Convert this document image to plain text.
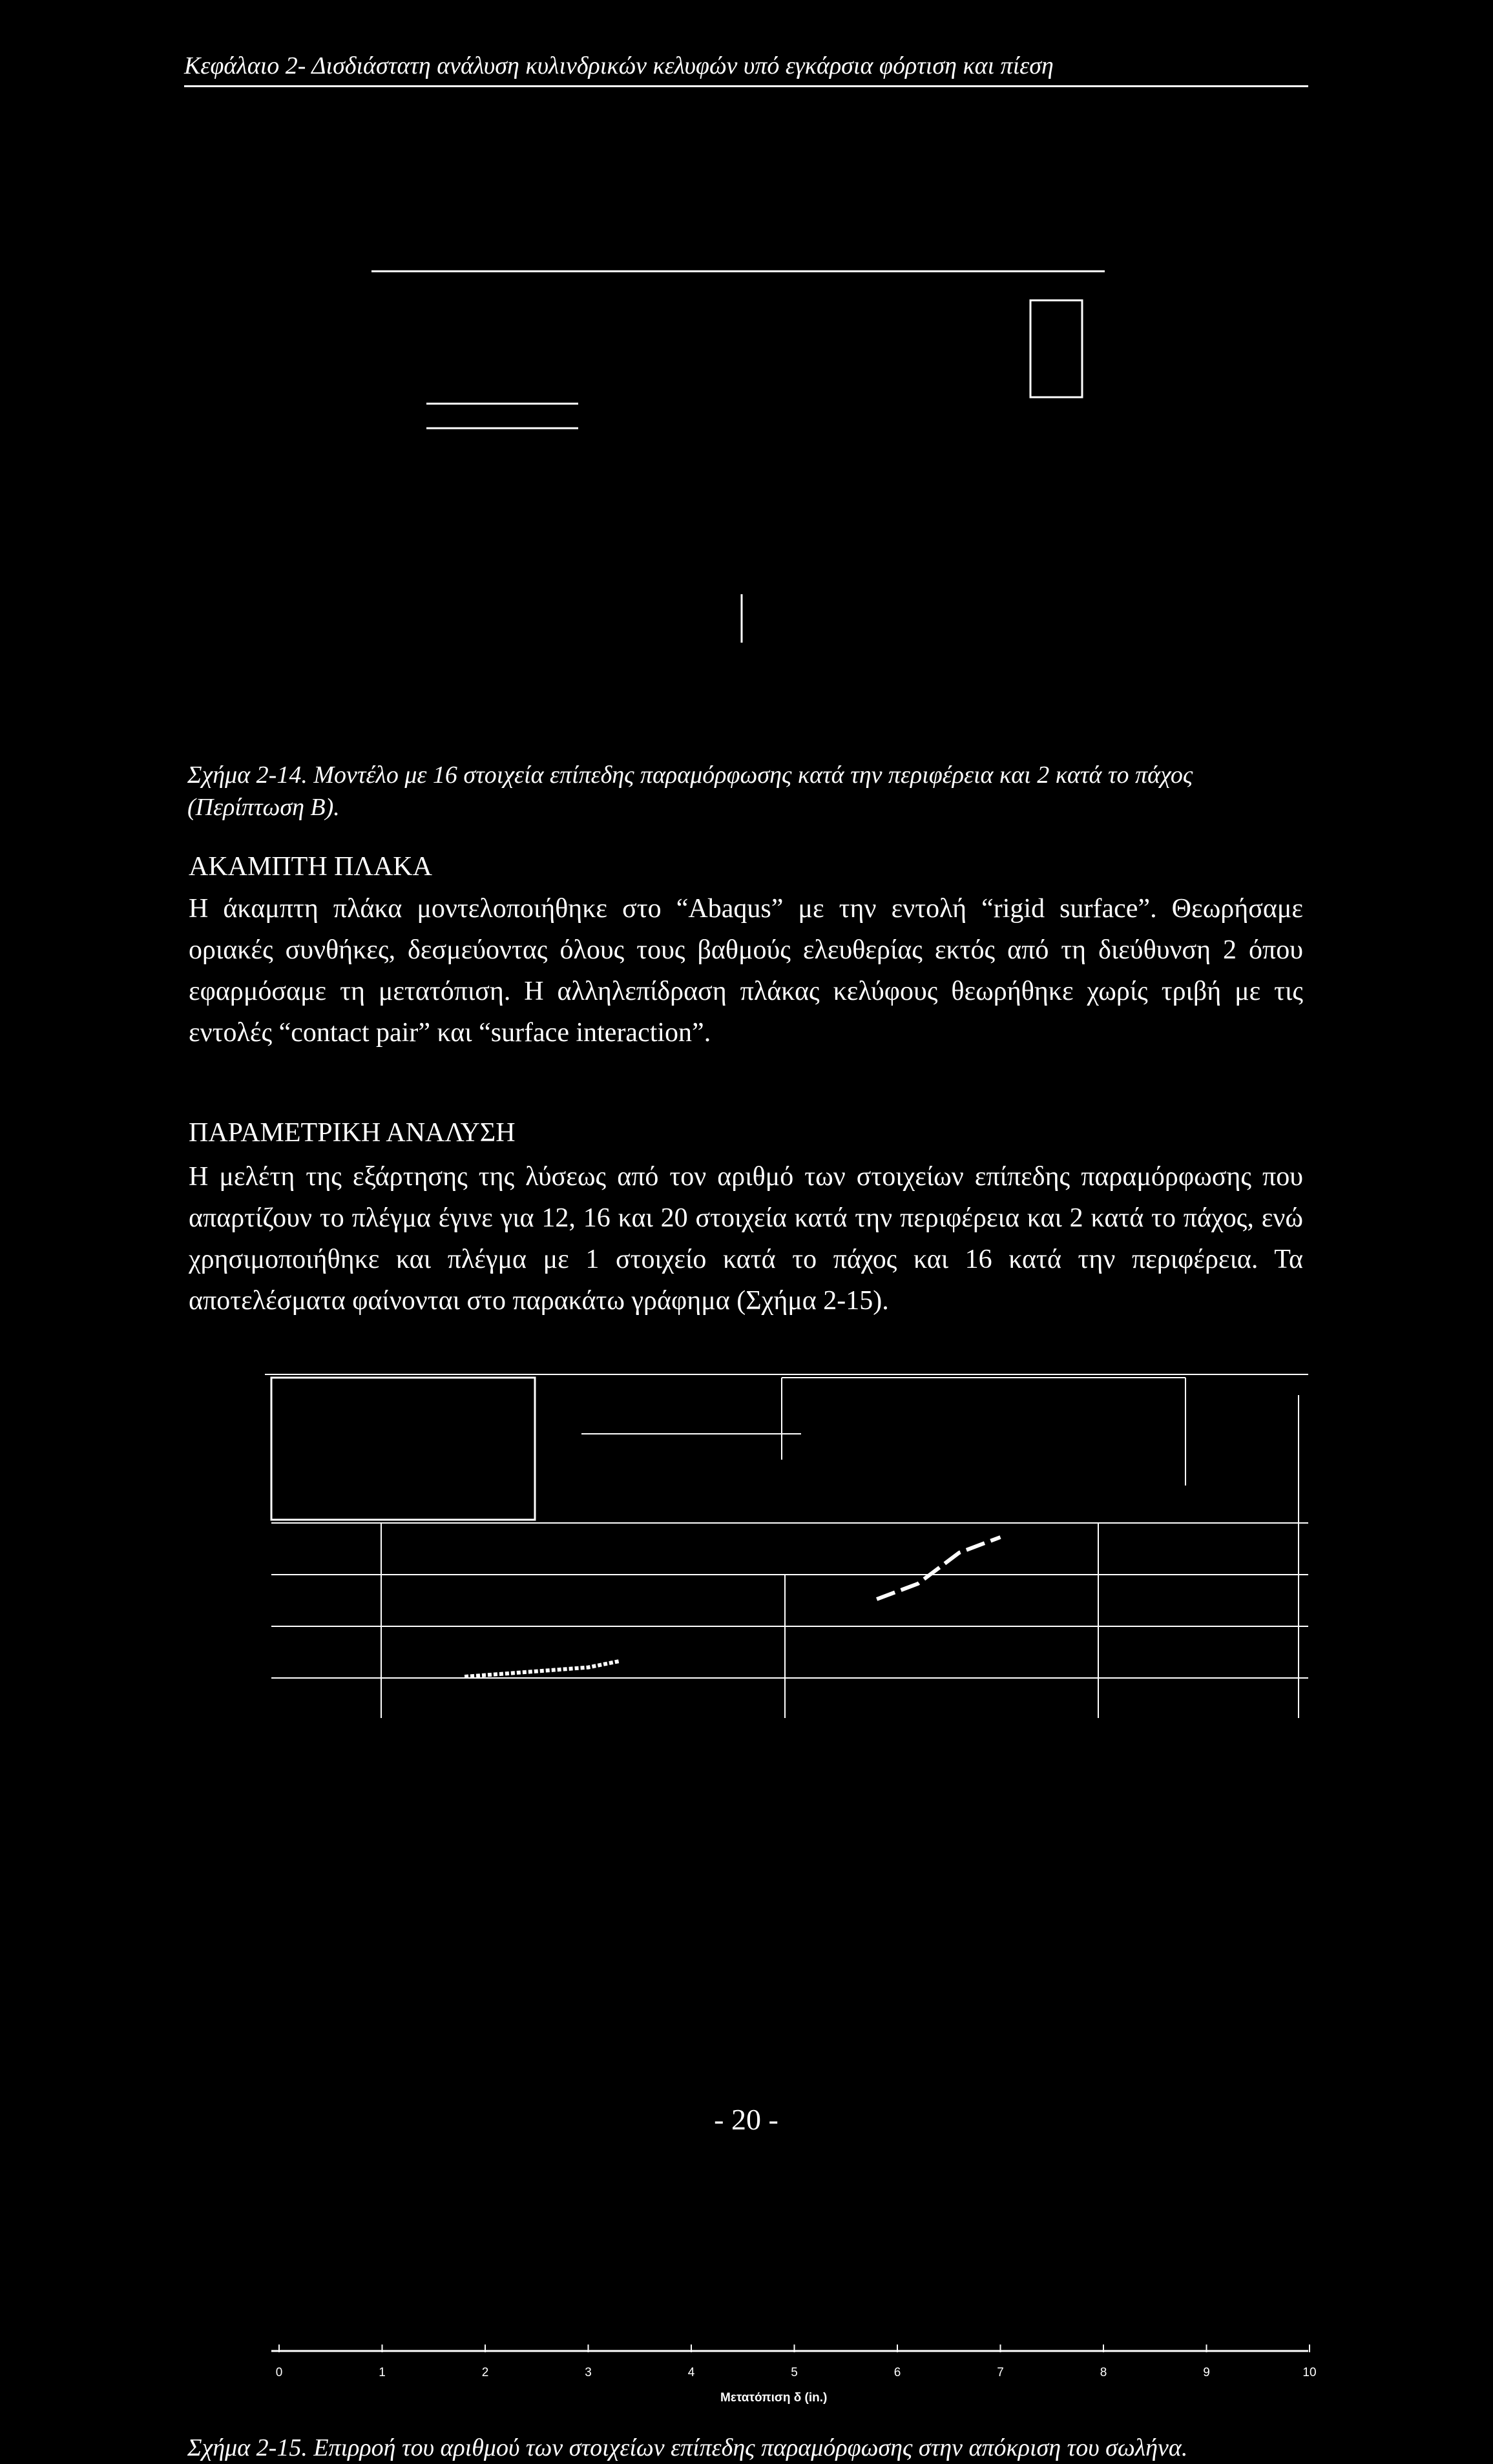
Κεφάλαιο 2- Δισδιάστατη ανάλυση κυλινδρικών κελυφών υπό εγκάρσια φόρτιση και πίεση
Σχήμα 2-14. Μοντέλο με 16 στοιχεία επίπεδης παραμόρφωσης κατά την περιφέρεια και 2 κατά το πάχος
(Περίπτωση Β).
ΑΚΑΜΠΤΗ ΠΛΑΚΑ

Η άκαμπτη πλάκα μοντελοποιήθηκε στο “Abaqus” με την εντολή “rigid surface”. Θεωρήσαμε οριακές συνθήκες, δεσμεύοντας όλους τους βαθμούς ελευθερίας εκτός από τη διεύθυνση 2 όπου εφαρμόσαμε τη μετατόπιση. Η αλληλεπίδραση πλάκας κελύφους θεωρήθηκε χωρίς τριβή με τις εντολές “contact pair” και “surface interaction”.

ΠΑΡΑΜΕΤΡΙΚΗ ΑΝΑΛΥΣΗ

Η μελέτη της εξάρτησης της λύσεως από τον αριθμό των στοιχείων επίπεδης παραμόρφωσης που απαρτίζουν το πλέγμα έγινε για 12, 16 και 20 στοιχεία κατά την περιφέρεια και 2 κατά το πάχος, ενώ χρησιμοποιήθηκε και πλέγμα με 1 στοιχείο κατά το πάχος και 16 κατά την περιφέρεια. Τα αποτελέσματα φαίνονται στο παρακάτω γράφημα (Σχήμα 2-15).

0	1	2	3	4	5	6	7	8	9	10
Μετατόπιση δ (in.)
Σχήμα 2-15. Επιρροή του αριθμού των στοιχείων επίπεδης παραμόρφωσης στην απόκριση του σωλήνα.
- 20 -
